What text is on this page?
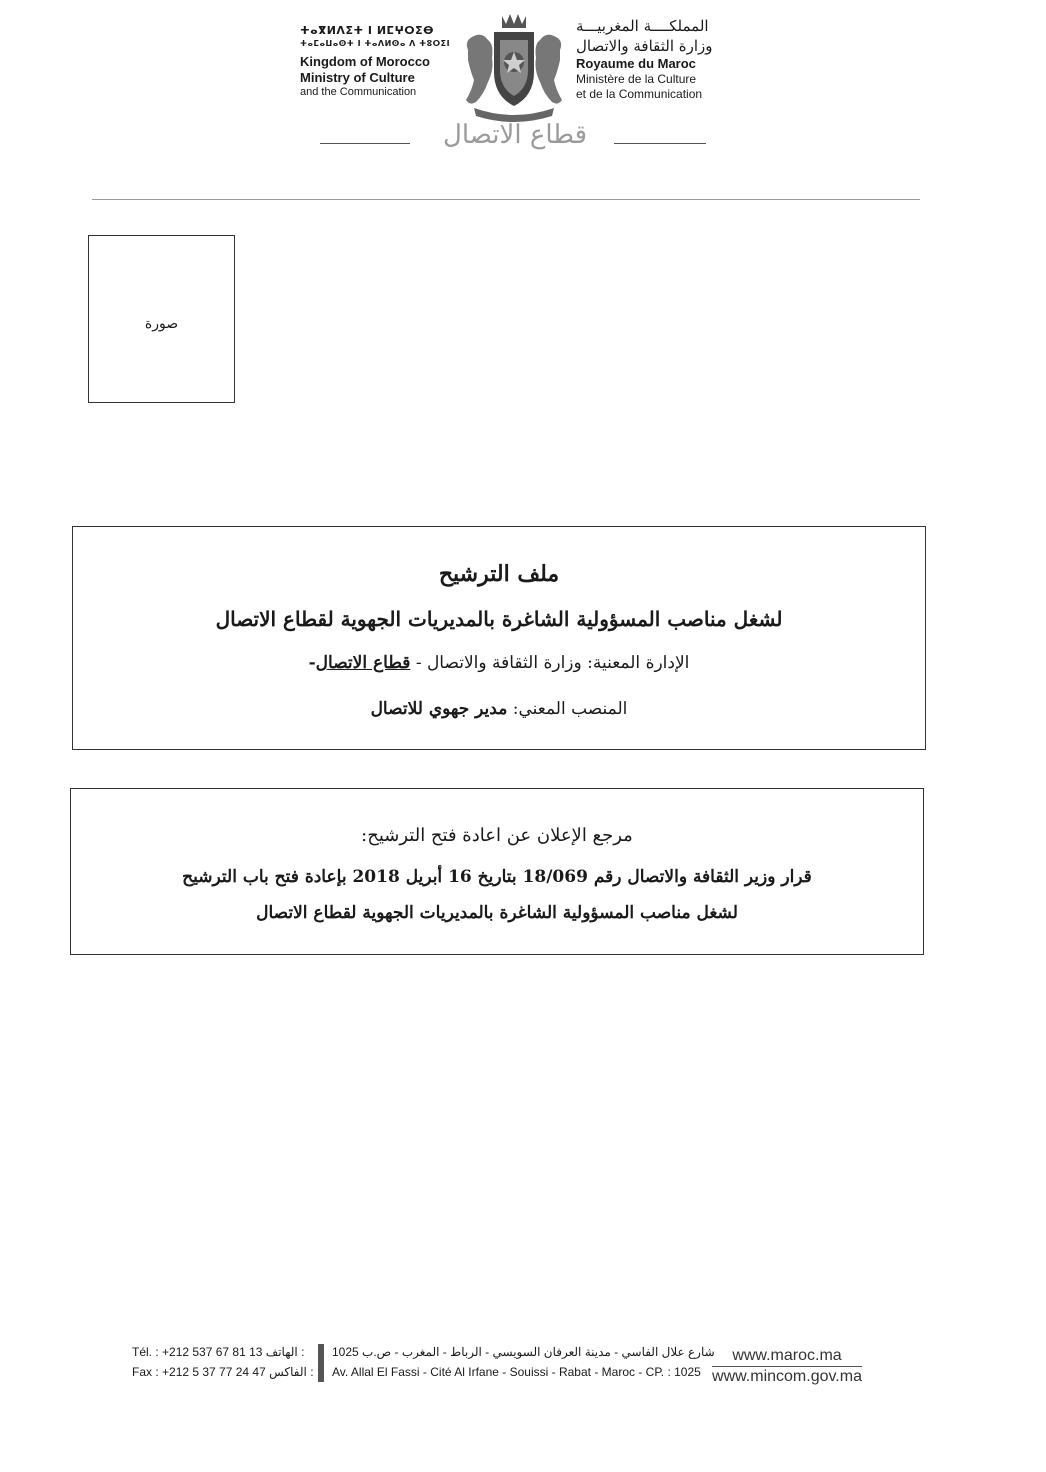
ⵜⴰⴳⵍⴷⵉⵜ ⵏ ⵍⵎⵖⵔⵉⴱ
ⵜⴰⵎⴰⵡⴰⵙⵜ ⵏ ⵜⴰⴷⵍⵙⴰ ⴷ ⵜⵓⵔⵉⵏ
Kingdom of Morocco
Ministry of Culture
and the Communication
المملكــــة المغربيـــة
وزارة الثقافة والاتصال
Royaume du Maroc
Ministère de la Culture
et de la Communication
قطاع الاتصال
صورة
ملف الترشيح
لشغل مناصب المسؤولية الشاغرة بالمديريات الجهوية لقطاع الاتصال
الإدارة المعنية: وزارة الثقافة والاتصال - قطاع الاتصال-
المنصب المعني: مدير جهوي للاتصال
مرجع الإعلان عن اعادة فتح الترشيح:
قرار وزير الثقافة والاتصال رقم 18/069 بتاريخ 16 أبريل 2018 بإعادة فتح باب الترشيح
لشغل مناصب المسؤولية الشاغرة بالمديريات الجهوية لقطاع الاتصال
Tél. : +212 537 67 81 13 الهاتف :
Fax : +212 5 37 77 24 47 الفاكس :
شارع علال الفاسي - مدينة العرفان السويسي - الرباط - المغرب - ص.ب 1025
Av. Allal El Fassi - Cité Al Irfane - Souissi - Rabat - Maroc - CP. : 1025
www.maroc.ma
www.mincom.gov.ma
